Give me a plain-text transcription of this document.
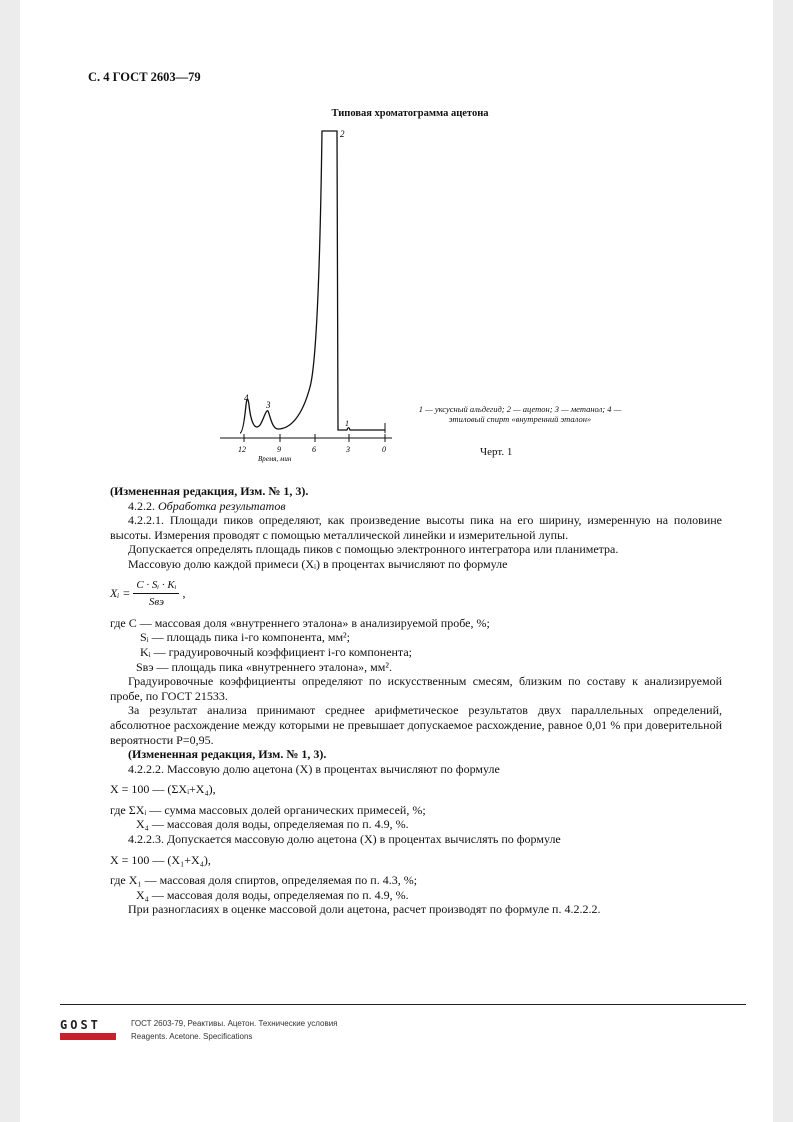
С. 4 ГОСТ 2603—79
Типовая хроматограмма ацетона
4
3
2
1
12	9	6	3	0
Время, мин
1 — уксусный альдегид; 2 — ацетон; 3 — метанол; 4 — этиловый спирт «внутренний эталон»
Черт. 1

(Измененная редакция, Изм. № 1, 3).

4.2.2. Обработка результатов

4.2.2.1. Площади пиков определяют, как произведение высоты пика на его ширину, измеренную на половине высоты. Измерения проводят с помощью металлической линейки и измерительной лупы.

Допускается определять площадь пиков с помощью электронного интегратора или планиметра.

Массовую долю каждой примеси (Xᵢ) в процентах вычисляют по формуле

Xᵢ = $\frac{\text{C · Sᵢ · Kᵢ}}{\text{Sвэ}}$ ,

где C — массовая доля «внутреннего эталона» в анализируемой пробе, %;

Sᵢ — площадь пика i-го компонента, мм²;

Kᵢ — градуировочный коэффициент i-го компонента;

Sвэ — площадь пика «внутреннего эталона», мм².

Градуировочные коэффициенты определяют по искусственным смесям, близким по составу к анализируемой пробе, по ГОСТ 21533.

За результат анализа принимают среднее арифметическое результатов двух параллельных определений, абсолютное расхождение между которыми не превышает допускаемое расхождение, равное 0,01 % при доверительной вероятности P=0,95.

(Измененная редакция, Изм. № 1, 3).

4.2.2.2. Массовую долю ацетона (X) в процентах вычисляют по формуле

X = 100 — (ΣXᵢ+X₄),

где ΣXᵢ — сумма массовых долей органических примесей, %;

X₄ — массовая доля воды, определяемая по п. 4.9, %.

4.2.2.3. Допускается массовую долю ацетона (X) в процентах вычислять по формуле

X = 100 — (X₁+X₄),

где X₁ — массовая доля спиртов, определяемая по п. 4.3, %;

X₄ — массовая доля воды, определяемая по п. 4.9, %.

При разногласиях в оценке массовой доли ацетона, расчет производят по формуле п. 4.2.2.2.

GOST	ГОСТ 2603-79, Реактивы. Ацетон. Технические условия
Reagents. Acetone. Specifications
